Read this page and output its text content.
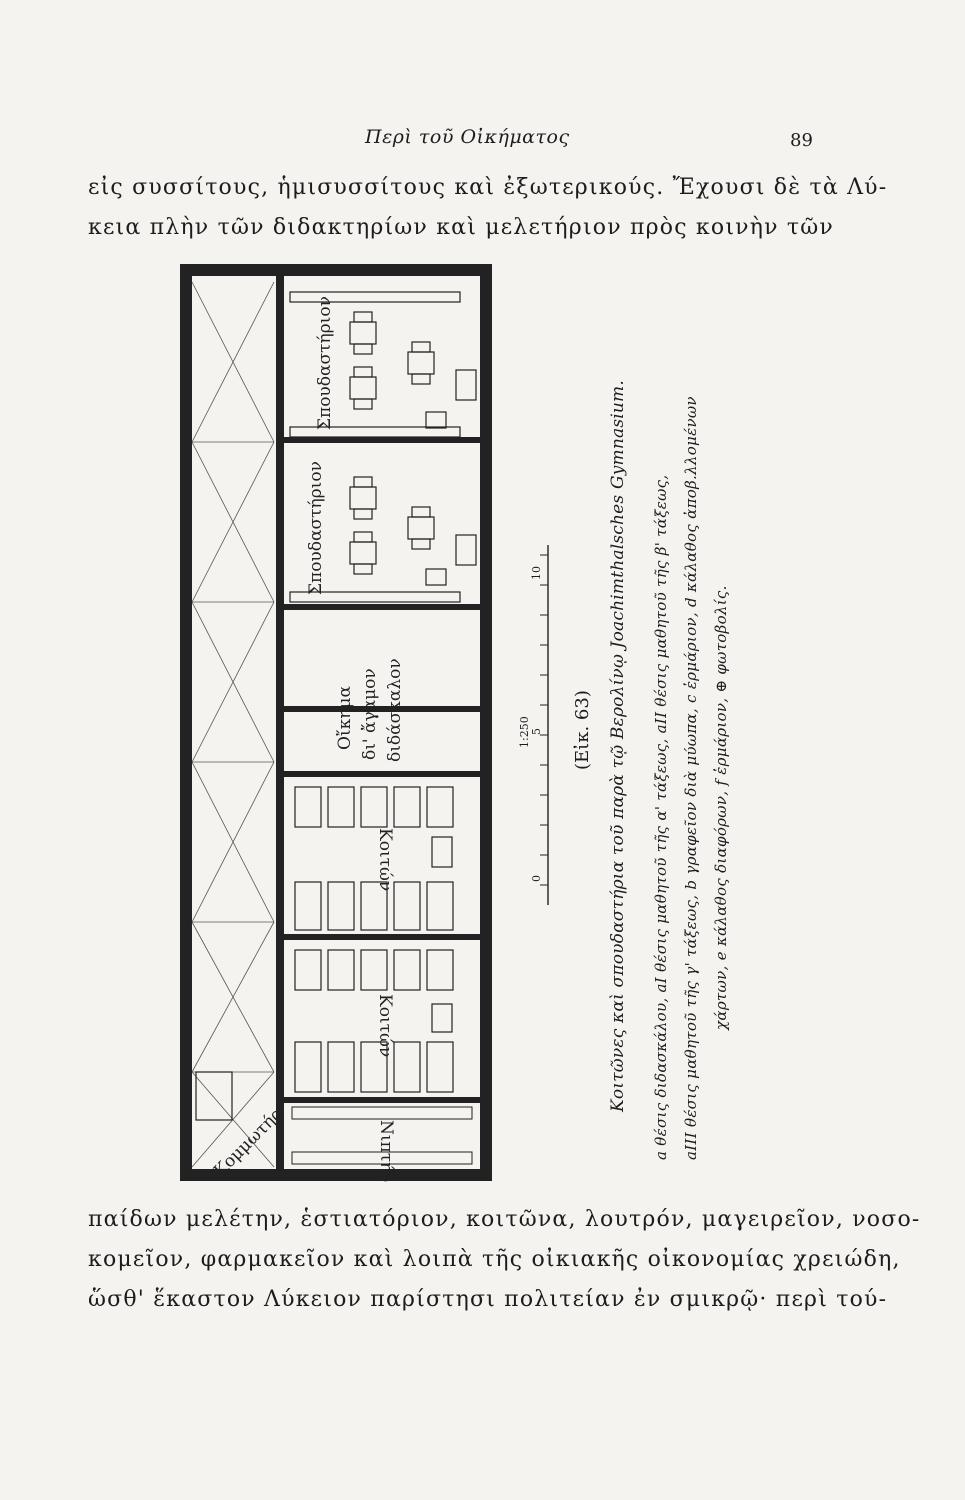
Περὶ τοῦ Οἰκήματος	89
εἰς συσσίτους, ἡμισυσσίτους καὶ ἐξωτερικούς. Ἔχουσι δὲ τὰ Λύ-
κεια πλὴν τῶν διδακτηρίων καὶ μελετήριον πρὸς κοινὴν τῶν
Σπουδαστήριον
Σπουδαστήριον
Οἴκημα δι' ἄγαμον διδάσκαλον
Κοιτών
Κοιτών
Νιπτήρ
Κομμωτήρ
1:250
0
5
10
(Εἰκ. 63) Κοιτῶνες καὶ σπουδαστήρια τοῦ παρὰ τῷ Βερολίνῳ Joachimthalsches Gymnasium. a θέσις διδασκάλου, aI θέσις μαθητοῦ τῆς α' τάξεως, aII θέσις μαθητοῦ τῆς β' τάξεως, aIII θέσις μαθητοῦ τῆς γ' τάξεως, b γραφεῖον διὰ μύωπα, c ἑρμάριον, d κάλαθος ἀποβ.λλομένων χάρτων, e κάλαθος διαφόρων, f ἑρμάριον, ⊕ φωτοβολίς.
παίδων μελέτην, ἑστιατόριον, κοιτῶνα, λουτρόν, μαγειρεῖον, νοσο-
κομεῖον, φαρμακεῖον καὶ λοιπὰ τῆς οἰκιακῆς οἰκονομίας χρειώδη,
ὥσθ' ἕκαστον Λύκειον παρίστησι πολιτείαν ἐν σμικρῷ· περὶ τού-
